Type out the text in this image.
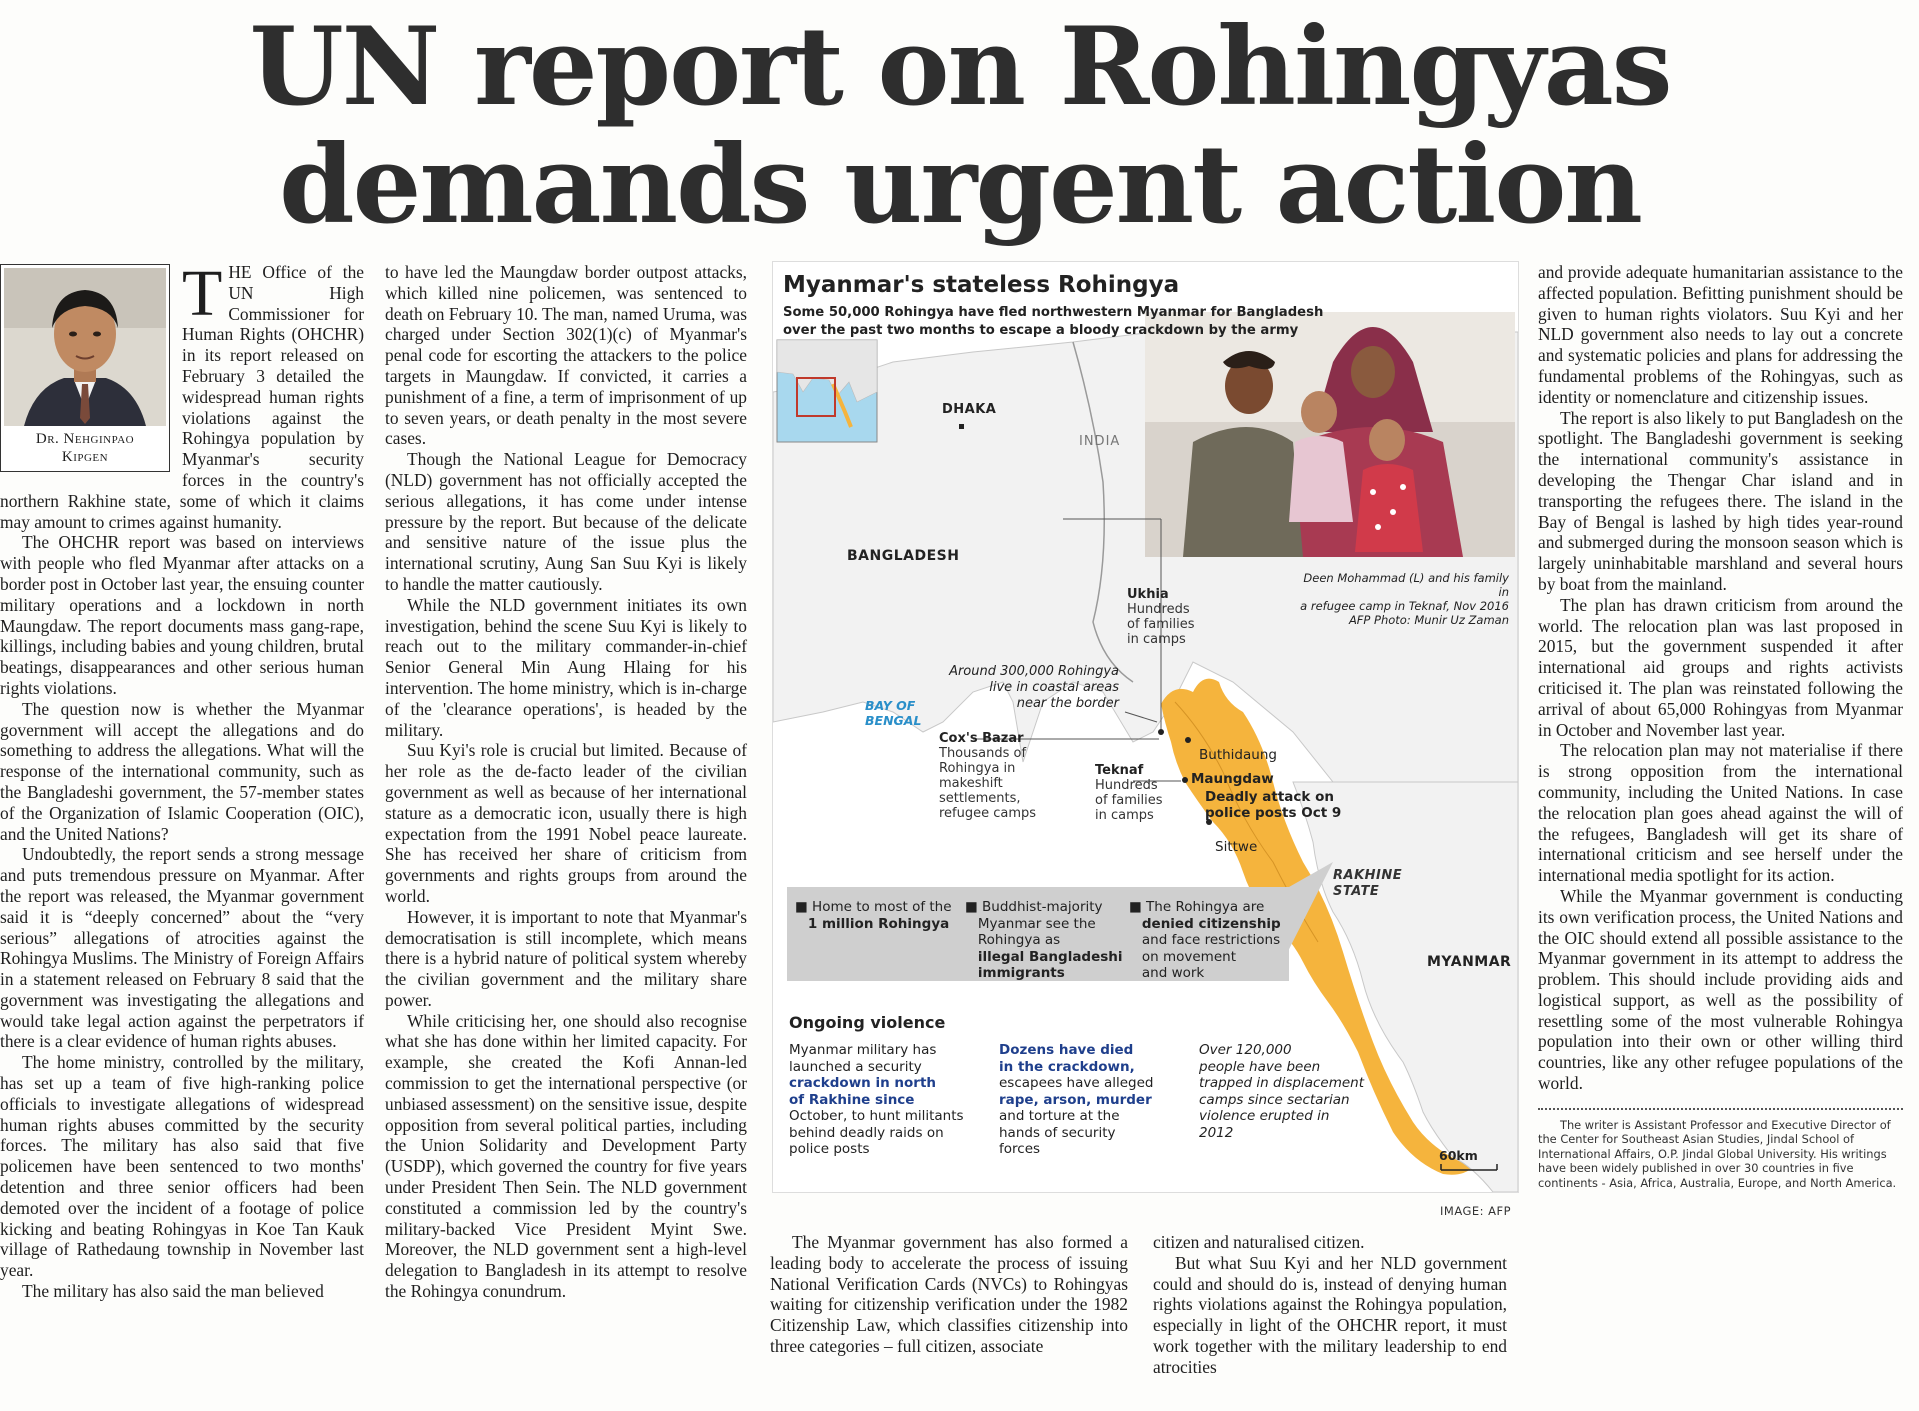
UN report on Rohingyas demands urgent action
Dr. Nehginpao
Kipgen

THE Office of the UN High Commissioner for Human Rights (OHCHR) in its report released on February 3 detailed the widespread human rights violations against the Rohingya population by Myanmar's security forces in the country's northern Rakhine state, some of which it claims may amount to crimes against humanity.

The OHCHR report was based on interviews with people who fled Myanmar after attacks on a border post in October last year, the ensuing counter military operations and a lockdown in north Maungdaw. The report documents mass gang-rape, killings, including babies and young children, brutal beatings, disappearances and other serious human rights violations.

The question now is whether the Myanmar government will accept the allegations and do something to address the allegations. What will the response of the international community, such as the Bangladeshi government, the 57-member states of the Organization of Islamic Cooperation (OIC), and the United Nations?

Undoubtedly, the report sends a strong message and puts tremendous pressure on Myanmar. After the report was released, the Myanmar government said it is “deeply concerned” about the “very serious” allegations of atrocities against the Rohingya Muslims. The Ministry of Foreign Affairs in a statement released on February 8 said that the government was investigating the allegations and would take legal action against the perpetrators if there is a clear evidence of human rights abuses.

The home ministry, controlled by the military, has set up a team of five high-ranking police officials to investigate allegations of widespread human rights abuses committed by the security forces. The military has also said that five policemen have been sentenced to two months' detention and three senior officers had been demoted over the incident of a footage of police kicking and beating Rohingyas in Koe Tan Kauk village of Rathedaung township in November last year.

The military has also said the man believed

to have led the Maungdaw border outpost attacks, which killed nine policemen, was sentenced to death on February 10. The man, named Uruma, was charged under Section 302(1)(c) of Myanmar's penal code for escorting the attackers to the police targets in Maungdaw. If convicted, it carries a punishment of a fine, a term of imprisonment of up to seven years, or death penalty in the most severe cases.

Though the National League for Democracy (NLD) government has not officially accepted the serious allegations, it has come under intense pressure by the report. But because of the delicate and sensitive nature of the issue plus the international scrutiny, Aung San Suu Kyi is likely to handle the matter cautiously.

While the NLD government initiates its own investigation, behind the scene Suu Kyi is likely to reach out to the military commander-in-chief Senior General Min Aung Hlaing for his intervention. The home ministry, which is in-charge of the 'clearance operations', is headed by the military.

Suu Kyi's role is crucial but limited. Because of her role as the de-facto leader of the civilian government as well as because of her international stature as a democratic icon, usually there is high expectation from the 1991 Nobel peace laureate. She has received her share of criticism from governments and rights groups from around the world.

However, it is important to note that Myanmar's democratisation is still incomplete, which means there is a hybrid nature of political system whereby the civilian government and the military share power.

While criticising her, one should also recognise what she has done within her limited capacity. For example, she created the Kofi Annan-led commission to get the international perspective (or unbiased assessment) on the sensitive issue, despite opposition from several political parties, including the Union Solidarity and Development Party (USDP), which governed the country for five years under President Then Sein. The NLD government constituted a commission led by the country's military-backed Vice President Myint Swe. Moreover, the NLD government sent a high-level delegation to Bangladesh in its attempt to resolve the Rohingya conundrum.

Myanmar's stateless Rohingya
Some 50,000 Rohingya have fled northwestern Myanmar for Bangladesh over the past two months to escape a bloody crackdown by the army
DHAKA
INDIA
BANGLADESH
BAY OF
BENGAL
RAKHINE
STATE
MYANMAR
Buthidaung
Maungdaw
Sittwe
60km
Deen Mohammad (L) and his family in
a refugee camp in Teknaf, Nov 2016
AFP Photo: Munir Uz Zaman
Ukhia
Hundreds
of families
in camps
Around 300,000 Rohingya
live in coastal areas
near the border
Cox's Bazar
Thousands of
Rohingya in
makeshift
settlements,
refugee camps
Teknaf
Hundreds
of families
in camps
Deadly attack on
police posts Oct 9
■ Home to most of the
1 million Rohingya
■ Buddhist-majority
Myanmar see the
Rohingya as
illegal Bangladeshi
immigrants
■ The Rohingya are
denied citizenship
and face restrictions
on movement
and work
Ongoing violence
Myanmar military has
launched a security
crackdown in north
of Rakhine since
October, to hunt militants
behind deadly raids on
police posts
Dozens have died
in the crackdown,
escapees have alleged
rape, arson, murder
and torture at the
hands of security
forces
Over 120,000
people have been
trapped in displacement
camps since sectarian
violence erupted in
2012
IMAGE: AFP

The Myanmar government has also formed a leading body to accelerate the process of issuing National Verification Cards (NVCs) to Rohingyas waiting for citizenship verification under the 1982 Citizenship Law, which classifies citizenship into three categories – full citizen, associate

citizen and naturalised citizen.

But what Suu Kyi and her NLD government could and should do is, instead of denying human rights violations against the Rohingya population, especially in light of the OHCHR report, it must work together with the military leadership to end atrocities

and provide adequate humanitarian assistance to the affected population. Befitting punishment should be given to human rights violators. Suu Kyi and her NLD government also needs to lay out a concrete and systematic policies and plans for addressing the fundamental problems of the Rohingyas, such as identity or nomenclature and citizenship issues.

The report is also likely to put Bangladesh on the spotlight. The Bangladeshi government is seeking the international community's assistance in developing the Thengar Char island and in transporting the refugees there. The island in the Bay of Bengal is lashed by high tides year-round and submerged during the monsoon season which is largely uninhabitable marshland and several hours by boat from the mainland.

The plan has drawn criticism from around the world. The relocation plan was last proposed in 2015, but the government suspended it after international aid groups and rights activists criticised it. The plan was reinstated following the arrival of about 65,000 Rohingyas from Myanmar in October and November last year.

The relocation plan may not materialise if there is strong opposition from the international community, including the United Nations. In case the relocation plan goes ahead against the will of the refugees, Bangladesh will get its share of international criticism and see herself under the international media spotlight for its action.

While the Myanmar government is conducting its own verification process, the United Nations and the OIC should extend all possible assistance to the Myanmar government in its attempt to address the problem. This should include providing aids and logistical support, as well as the possibility of resettling some of the most vulnerable Rohingya population into their own or other willing third countries, like any other refugee populations of the world.

The writer is Assistant Professor and Executive Director of the Center for Southeast Asian Studies, Jindal School of International Affairs, O.P. Jindal Global University. His writings have been widely published in over 30 countries in five continents - Asia, Africa, Australia, Europe, and North America.
